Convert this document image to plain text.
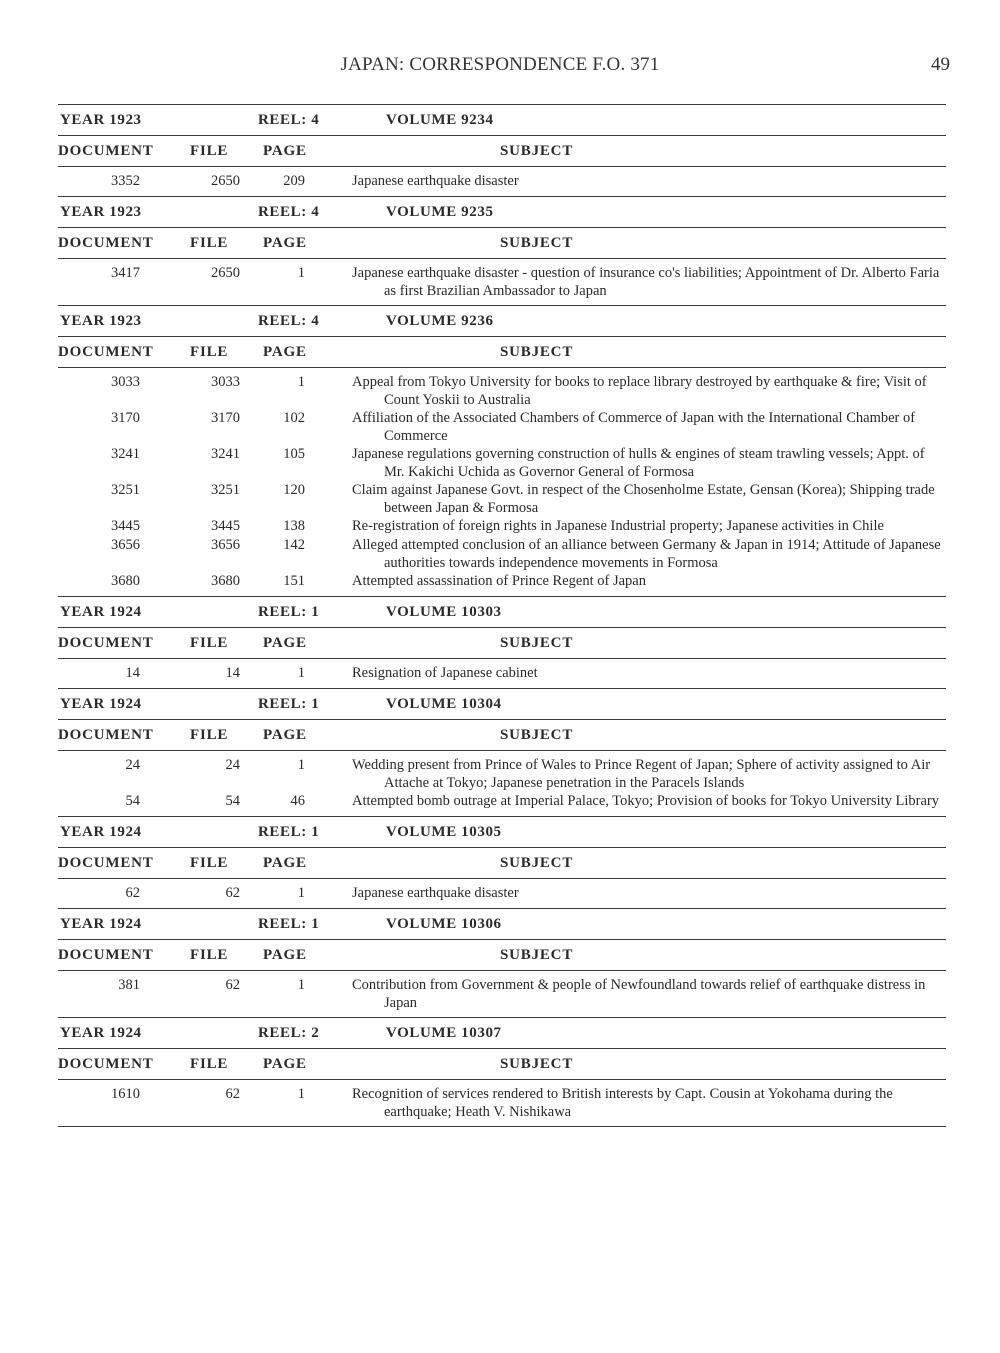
JAPAN: CORRESPONDENCE F.O. 371	49
YEAR 1923	REEL: 4	VOLUME 9234
DOCUMENT FILE PAGE	SUBJECT
3352	2650	209	Japanese earthquake disaster
YEAR 1923	REEL: 4	VOLUME 9235
DOCUMENT FILE PAGE	SUBJECT
3417	2650	1	Japanese earthquake disaster - question of insurance co's liabilities; Appointment of Dr. Alberto Faria as first Brazilian Ambassador to Japan
YEAR 1923	REEL: 4	VOLUME 9236
DOCUMENT FILE PAGE	SUBJECT
3033	3033	1	Appeal from Tokyo University for books to replace library destroyed by earthquake & fire; Visit of Count Yoskii to Australia
3170	3170	102	Affiliation of the Associated Chambers of Commerce of Japan with the International Chamber of Commerce
3241	3241	105	Japanese regulations governing construction of hulls & engines of steam trawling vessels; Appt. of Mr. Kakichi Uchida as Governor General of Formosa
3251	3251	120	Claim against Japanese Govt. in respect of the Chosenholme Estate, Gensan (Korea); Shipping trade between Japan & Formosa
3445	3445	138	Re-registration of foreign rights in Japanese Industrial property; Japanese activities in Chile
3656	3656	142	Alleged attempted conclusion of an alliance between Germany & Japan in 1914; Attitude of Japanese authorities towards independence movements in Formosa
3680	3680	151	Attempted assassination of Prince Regent of Japan
YEAR 1924	REEL: 1	VOLUME 10303
DOCUMENT FILE PAGE	SUBJECT
14	14	1	Resignation of Japanese cabinet
YEAR 1924	REEL: 1	VOLUME 10304
DOCUMENT FILE PAGE	SUBJECT
24	24	1	Wedding present from Prince of Wales to Prince Regent of Japan; Sphere of activity assigned to Air Attache at Tokyo; Japanese penetration in the Paracels Islands
54	54	46	Attempted bomb outrage at Imperial Palace, Tokyo; Provision of books for Tokyo University Library
YEAR 1924	REEL: 1	VOLUME 10305
DOCUMENT FILE PAGE	SUBJECT
62	62	1	Japanese earthquake disaster
YEAR 1924	REEL: 1	VOLUME 10306
DOCUMENT FILE PAGE	SUBJECT
381	62	1	Contribution from Government & people of Newfoundland towards relief of earthquake distress in Japan
YEAR 1924	REEL: 2	VOLUME 10307
DOCUMENT FILE PAGE	SUBJECT
1610	62	1	Recognition of services rendered to British interests by Capt. Cousin at Yokohama during the earthquake; Heath V. Nishikawa
